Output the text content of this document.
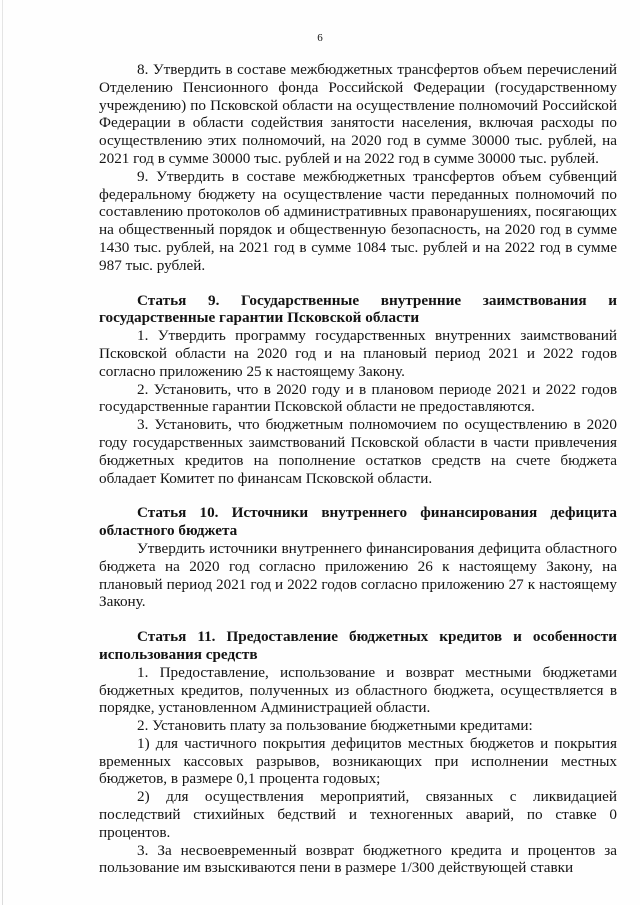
6

8. Утвердить в составе межбюджетных трансфертов объем перечислений Отделению Пенсионного фонда Российской Федерации (государственному учреждению) по Псковской области на осуществление полномочий Российской Федерации в области содействия занятости населения, включая расходы по осуществлению этих полномочий, на 2020 год в сумме 30000 тыс. рублей, на 2021 год в сумме 30000 тыс. рублей и на 2022 год в сумме 30000 тыс. рублей.

9. Утвердить в составе межбюджетных трансфертов объем субвенций федеральному бюджету на осуществление части переданных полномочий по составлению протоколов об административных правонарушениях, посягающих на общественный порядок и общественную безопасность, на 2020 год в сумме 1430 тыс. рублей, на 2021 год в сумме 1084 тыс. рублей и на 2022 год в сумме 987 тыс. рублей.

Статья 9. Государственные внутренние заимствования и государственные гарантии Псковской области

1. Утвердить программу государственных внутренних заимствований Псковской области на 2020 год и на плановый период 2021 и 2022 годов согласно приложению 25 к настоящему Закону.

2. Установить, что в 2020 году и в плановом периоде 2021 и 2022 годов государственные гарантии Псковской области не предоставляются.

3. Установить, что бюджетным полномочием по осуществлению в 2020 году государственных заимствований Псковской области в части привлечения бюджетных кредитов на пополнение остатков средств на счете бюджета обладает Комитет по финансам Псковской области.

Статья 10. Источники внутреннего финансирования дефицита областного бюджета

Утвердить источники внутреннего финансирования дефицита областного бюджета на 2020 год согласно приложению 26 к настоящему Закону, на плановый период 2021 год и 2022 годов согласно приложению 27 к настоящему Закону.

Статья 11. Предоставление бюджетных кредитов и особенности использования средств

1. Предоставление, использование и возврат местными бюджетами бюджетных кредитов, полученных из областного бюджета, осуществляется в порядке, установленном Администрацией области.

2. Установить плату за пользование бюджетными кредитами:

1) для частичного покрытия дефицитов местных бюджетов и покрытия временных кассовых разрывов, возникающих при исполнении местных бюджетов, в размере 0,1 процента годовых;

2) для осуществления мероприятий, связанных с ликвидацией последствий стихийных бедствий и техногенных аварий, по ставке 0 процентов.

3. За несвоевременный возврат бюджетного кредита и процентов за пользование им взыскиваются пени в размере 1/300 действующей ставки
